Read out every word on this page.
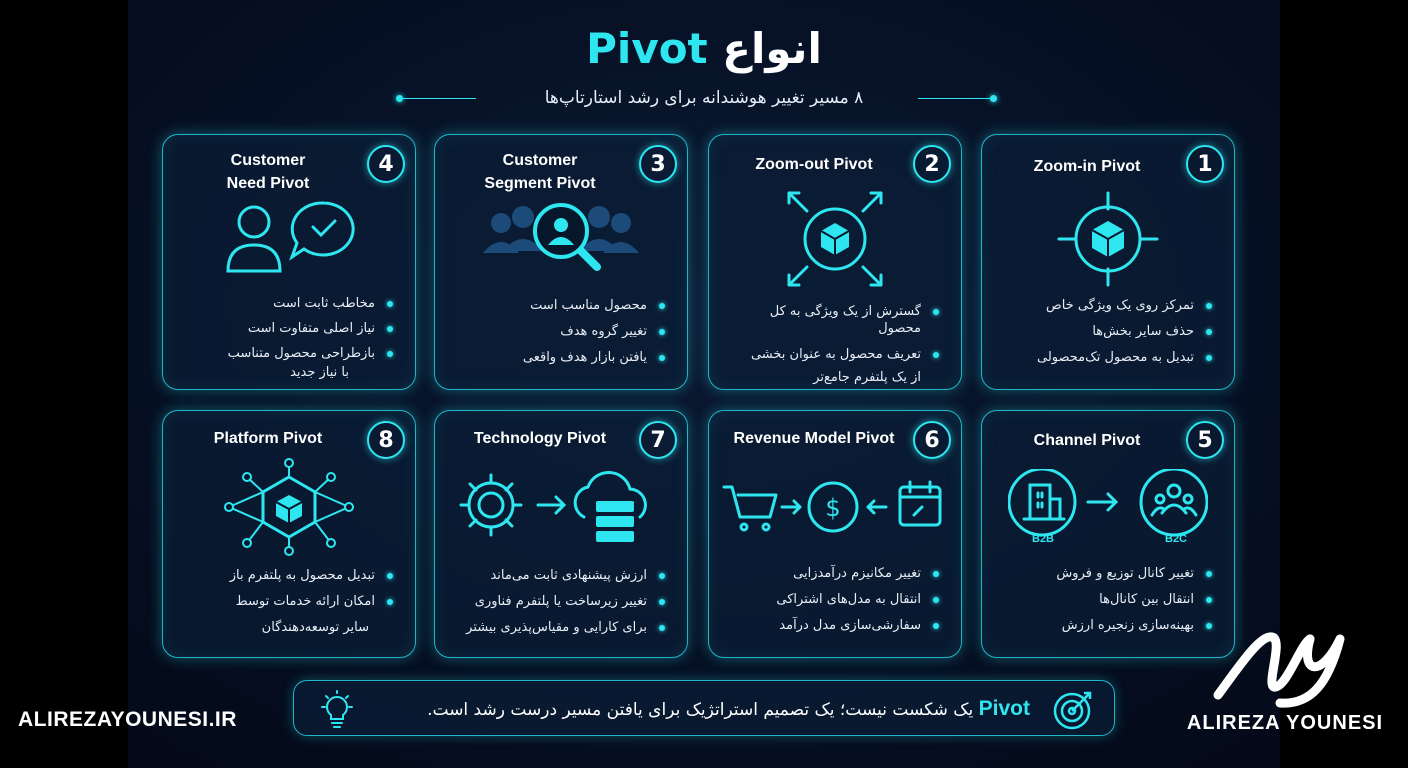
انواع Pivot
۸ مسیر تغییر هوشندانه برای رشد استارتاپ‌ها
Customer
Need Pivot
4
مخاطب ثابت است
نیاز اصلی متفاوت است
بازطراحی محصول متناسب
با نیاز جدید
Customer
Segment Pivot
3
محصول مناسب است
تغییر گروه هدف
یافتن بازار هدف واقعی
Zoom-out Pivot	2
گسترش از یک ویژگی به کل محصول
تعریف محصول به عنوان بخشی
از یک پلتفرم جامع‌تر
Zoom-in Pivot	1
تمرکز روی یک ویژگی خاص
حذف سایر بخش‌ها
تبدیل به محصول تک‌محصولی
Platform Pivot	8
تبدیل محصول به پلتفرم باز
امکان ارائه خدمات توسط
سایر توسعه‌دهندگان
Technology Pivot	7
ارزش پیشنهادی ثابت می‌ماند
تغییر زیرساخت یا پلتفرم فناوری
برای کارایی و مقیاس‌پذیری بیشتر
Revenue Model Pivot	6
$
تغییر مکانیزم درآمدزایی
انتقال به مدل‌های اشتراکی
سفارشی‌سازی مدل درآمد
Channel Pivot	5
B2B	B2C
تغییر کانال توزیع و فروش
انتقال بین کانال‌ها
بهینه‌سازی زنجیره ارزش
Pivot یک شکست نیست؛ یک تصمیم استراتژیک برای یافتن مسیر درست رشد است.
ALIREZAYOUNESI.IR	ALIREZA YOUNESI
